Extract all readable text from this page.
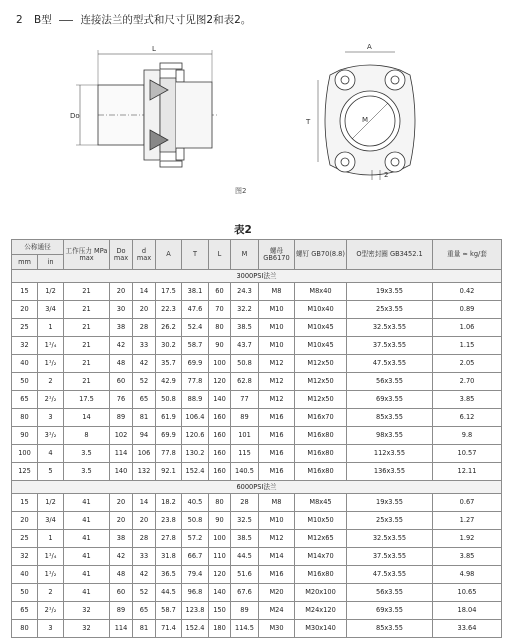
2 B型	连接法兰的型式和尺寸见图2和表2。
L
Do
A
T	M
2
图2
表2
公称通径		工作压力 MPa max	Do
max	d
max	A	T	L	M	螺母 GB6170	螺钉 GB70(8.8)	O型密封圈 GB3452.1	重量 ≈ kg/套
mm	in											
3000PSI法兰												
15	1/2	21	20	14	17.5	38.1	60	24.3	M8	M8x40	19x3.55	0.42
20	3/4	21	30	20	22.3	47.6	70	32.2	M10	M10x40	25x3.55	0.89
25	1	21	38	28	26.2	52.4	80	38.5	M10	M10x45	32.5x3.55	1.06
32	1¹/₄	21	42	33	30.2	58.7	90	43.7	M10	M10x45	37.5x3.55	1.15
40	1¹/₂	21	48	42	35.7	69.9	100	50.8	M12	M12x50	47.5x3.55	2.05
50	2	21	60	52	42.9	77.8	120	62.8	M12	M12x50	56x3.55	2.70
65	2¹/₂	17.5	76	65	50.8	88.9	140	77	M12	M12x50	69x3.55	3.85
80	3	14	89	81	61.9	106.4	160	89	M16	M16x70	85x3.55	6.12
90	3¹/₂	8	102	94	69.9	120.6	160	101	M16	M16x80	98x3.55	9.8
100	4	3.5	114	106	77.8	130.2	160	115	M16	M16x80	112x3.55	10.57
125	5	3.5	140	132	92.1	152.4	160	140.5	M16	M16x80	136x3.55	12.11
6000PSI法兰												
15	1/2	41	20	14	18.2	40.5	80	28	M8	M8x45	19x3.55	0.67
20	3/4	41	20	20	23.8	50.8	90	32.5	M10	M10x50	25x3.55	1.27
25	1	41	38	28	27.8	57.2	100	38.5	M12	M12x65	32.5x3.55	1.92
32	1¹/₄	41	42	33	31.8	66.7	110	44.5	M14	M14x70	37.5x3.55	3.85
40	1¹/₂	41	48	42	36.5	79.4	120	51.6	M16	M16x80	47.5x3.55	4.98
50	2	41	60	52	44.5	96.8	140	67.6	M20	M20x100	56x3.55	10.65
65	2¹/₂	32	89	65	58.7	123.8	150	89	M24	M24x120	69x3.55	18.04
80	3	32	114	81	71.4	152.4	180	114.5	M30	M30x140	85x3.55	33.64
